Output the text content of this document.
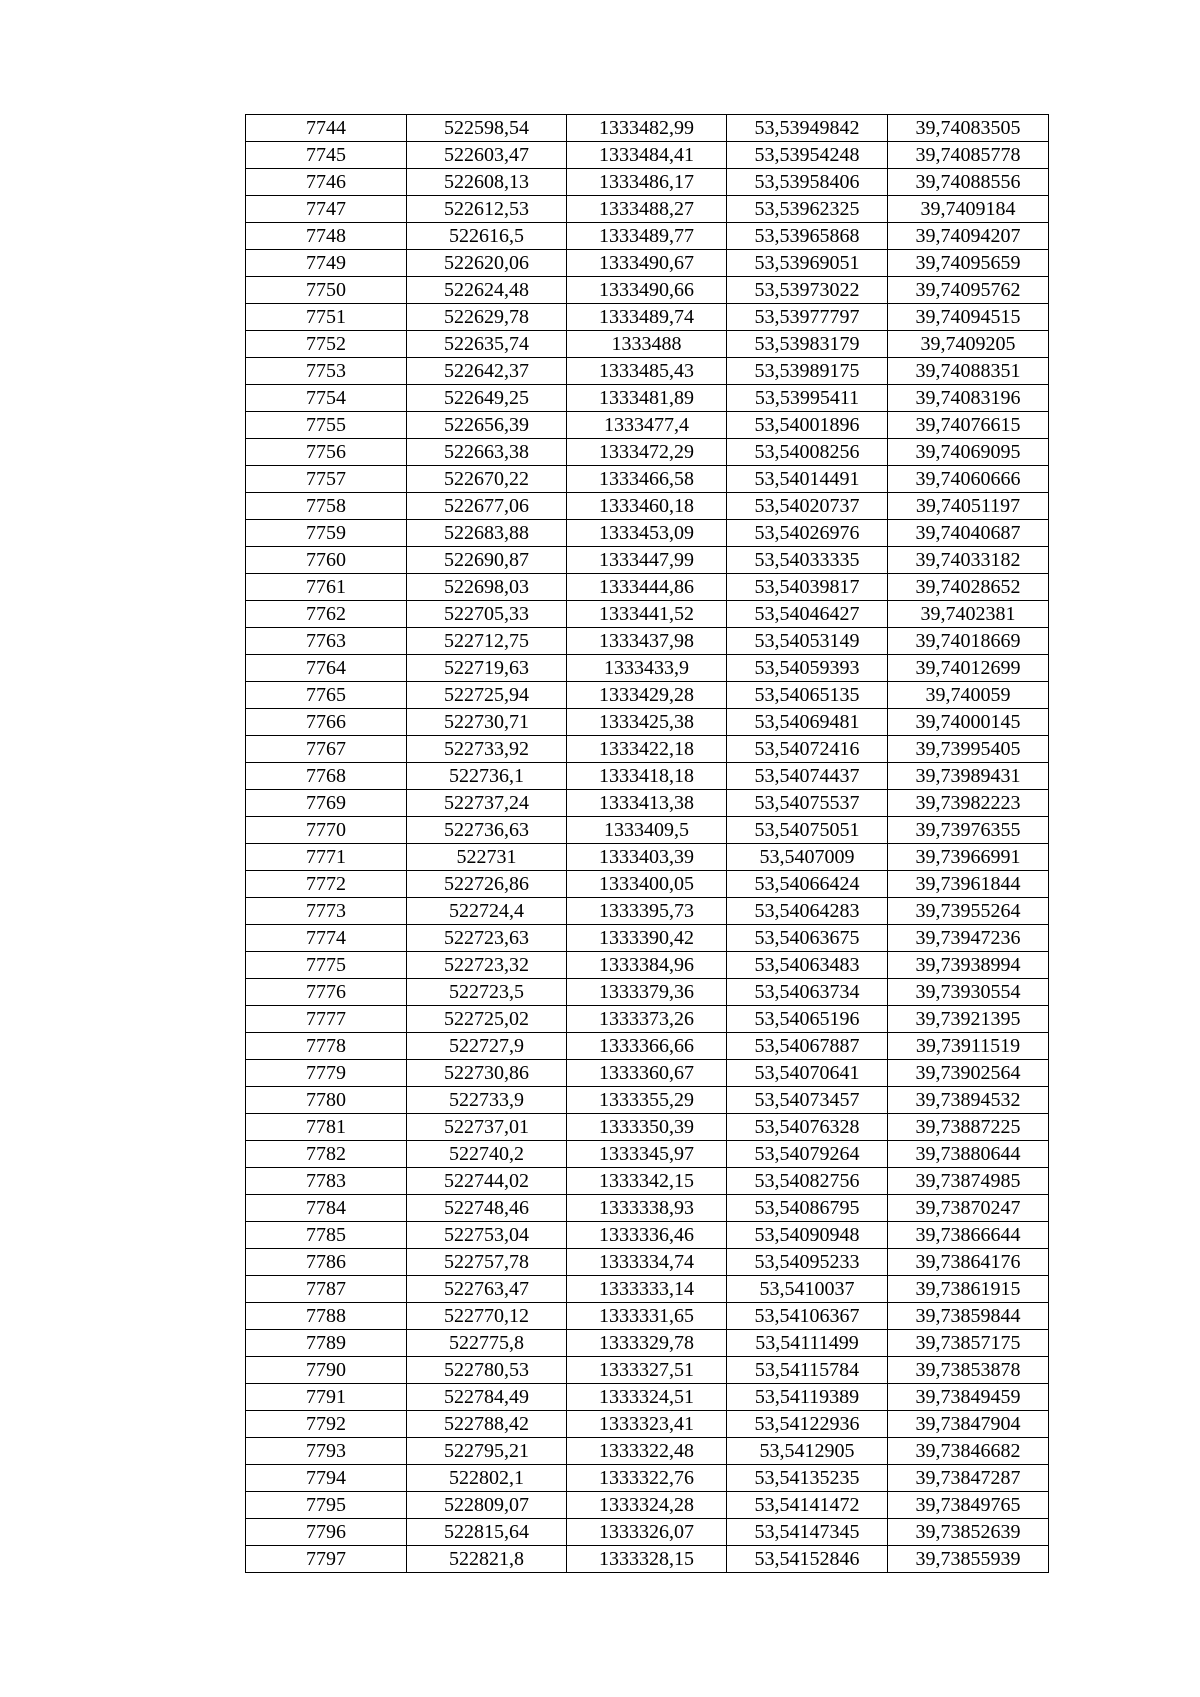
7744	522598,54	1333482,99	53,53949842	39,74083505
7745	522603,47	1333484,41	53,53954248	39,74085778
7746	522608,13	1333486,17	53,53958406	39,74088556
7747	522612,53	1333488,27	53,53962325	39,7409184
7748	522616,5	1333489,77	53,53965868	39,74094207
7749	522620,06	1333490,67	53,53969051	39,74095659
7750	522624,48	1333490,66	53,53973022	39,74095762
7751	522629,78	1333489,74	53,53977797	39,74094515
7752	522635,74	1333488	53,53983179	39,7409205
7753	522642,37	1333485,43	53,53989175	39,74088351
7754	522649,25	1333481,89	53,53995411	39,74083196
7755	522656,39	1333477,4	53,54001896	39,74076615
7756	522663,38	1333472,29	53,54008256	39,74069095
7757	522670,22	1333466,58	53,54014491	39,74060666
7758	522677,06	1333460,18	53,54020737	39,74051197
7759	522683,88	1333453,09	53,54026976	39,74040687
7760	522690,87	1333447,99	53,54033335	39,74033182
7761	522698,03	1333444,86	53,54039817	39,74028652
7762	522705,33	1333441,52	53,54046427	39,7402381
7763	522712,75	1333437,98	53,54053149	39,74018669
7764	522719,63	1333433,9	53,54059393	39,74012699
7765	522725,94	1333429,28	53,54065135	39,740059
7766	522730,71	1333425,38	53,54069481	39,74000145
7767	522733,92	1333422,18	53,54072416	39,73995405
7768	522736,1	1333418,18	53,54074437	39,73989431
7769	522737,24	1333413,38	53,54075537	39,73982223
7770	522736,63	1333409,5	53,54075051	39,73976355
7771	522731	1333403,39	53,5407009	39,73966991
7772	522726,86	1333400,05	53,54066424	39,73961844
7773	522724,4	1333395,73	53,54064283	39,73955264
7774	522723,63	1333390,42	53,54063675	39,73947236
7775	522723,32	1333384,96	53,54063483	39,73938994
7776	522723,5	1333379,36	53,54063734	39,73930554
7777	522725,02	1333373,26	53,54065196	39,73921395
7778	522727,9	1333366,66	53,54067887	39,73911519
7779	522730,86	1333360,67	53,54070641	39,73902564
7780	522733,9	1333355,29	53,54073457	39,73894532
7781	522737,01	1333350,39	53,54076328	39,73887225
7782	522740,2	1333345,97	53,54079264	39,73880644
7783	522744,02	1333342,15	53,54082756	39,73874985
7784	522748,46	1333338,93	53,54086795	39,73870247
7785	522753,04	1333336,46	53,54090948	39,73866644
7786	522757,78	1333334,74	53,54095233	39,73864176
7787	522763,47	1333333,14	53,5410037	39,73861915
7788	522770,12	1333331,65	53,54106367	39,73859844
7789	522775,8	1333329,78	53,54111499	39,73857175
7790	522780,53	1333327,51	53,54115784	39,73853878
7791	522784,49	1333324,51	53,54119389	39,73849459
7792	522788,42	1333323,41	53,54122936	39,73847904
7793	522795,21	1333322,48	53,5412905	39,73846682
7794	522802,1	1333322,76	53,54135235	39,73847287
7795	522809,07	1333324,28	53,54141472	39,73849765
7796	522815,64	1333326,07	53,54147345	39,73852639
7797	522821,8	1333328,15	53,54152846	39,73855939
